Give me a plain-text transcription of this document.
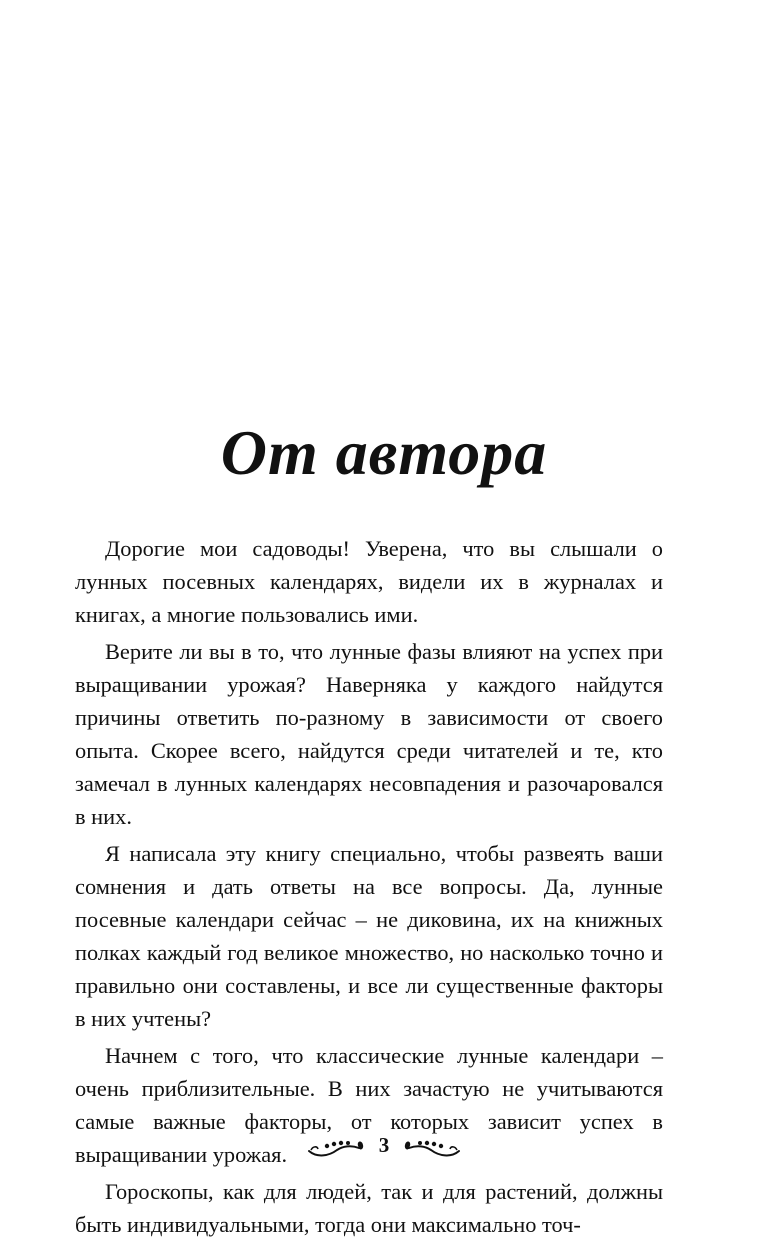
От автора

Дорогие мои садоводы! Уверена, что вы слышали о лунных посевных календарях, видели их в журналах и книгах, а многие пользовались ими.

Верите ли вы в то, что лунные фазы влияют на успех при выращивании урожая? Наверняка у каждого найдутся причины ответить по-разному в зависимости от своего опыта. Скорее всего, найдутся среди читателей и те, кто замечал в лунных календарях несовпадения и разочаровался в них.

Я написала эту книгу специально, чтобы развеять ваши сомнения и дать ответы на все вопросы. Да, лунные посевные календари сейчас – не диковина, их на книжных полках каждый год великое множество, но насколько точно и правильно они составлены, и все ли существенные факторы в них учтены?

Начнем с того, что классические лунные календари – очень приблизительные. В них зачастую не учитываются самые важные факторы, от которых зависит успех в выращивании урожая.

Гороскопы, как для людей, так и для растений, должны быть индивидуальными, тогда они максимально точ-

3
